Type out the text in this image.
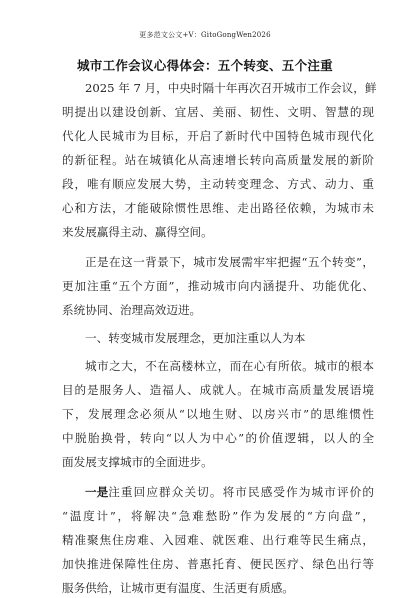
更多范文公文+V：GitoGongWen2026
城市工作会议心得体会：五个转变、五个注重
2025 年 7 月，中央时隔十年再次召开城市工作会议，鲜
明提出以建设创新、宜居、美丽、韧性、文明、智慧的现
代化人民城市为目标，开启了新时代中国特色城市现代化
的新征程。站在城镇化从高速增长转向高质量发展的新阶
段，唯有顺应发展大势，主动转变理念、方式、动力、重
心和方法，才能破除惯性思维、走出路径依赖，为城市未
来发展赢得主动、赢得空间。
正是在这一背景下，城市发展需牢牢把握“五个转变”，
更加注重“五个方面”，推动城市向内涵提升、功能优化、
系统协同、治理高效迈进。
一、转变城市发展理念，更加注重以人为本
城市之大，不在高楼林立，而在心有所依。城市的根本
目的是服务人、造福人、成就人。在城市高质量发展语境
下，发展理念必须从“以地生财、以房兴市”的思维惯性
中脱胎换骨，转向“以人为中心”的价值逻辑，以人的全
面发展支撑城市的全面进步。
一是 注重回应群众关切。将市民感受作为城市评价的
“温度计”，将解决“急难愁盼”作为发展的“方向盘”，
精准聚焦住房难、入园难、就医难、出行难等民生痛点，
加快推进保障性住房、普惠托育、便民医疗、绿色出行等
服务供给，让城市更有温度、生活更有质感。
